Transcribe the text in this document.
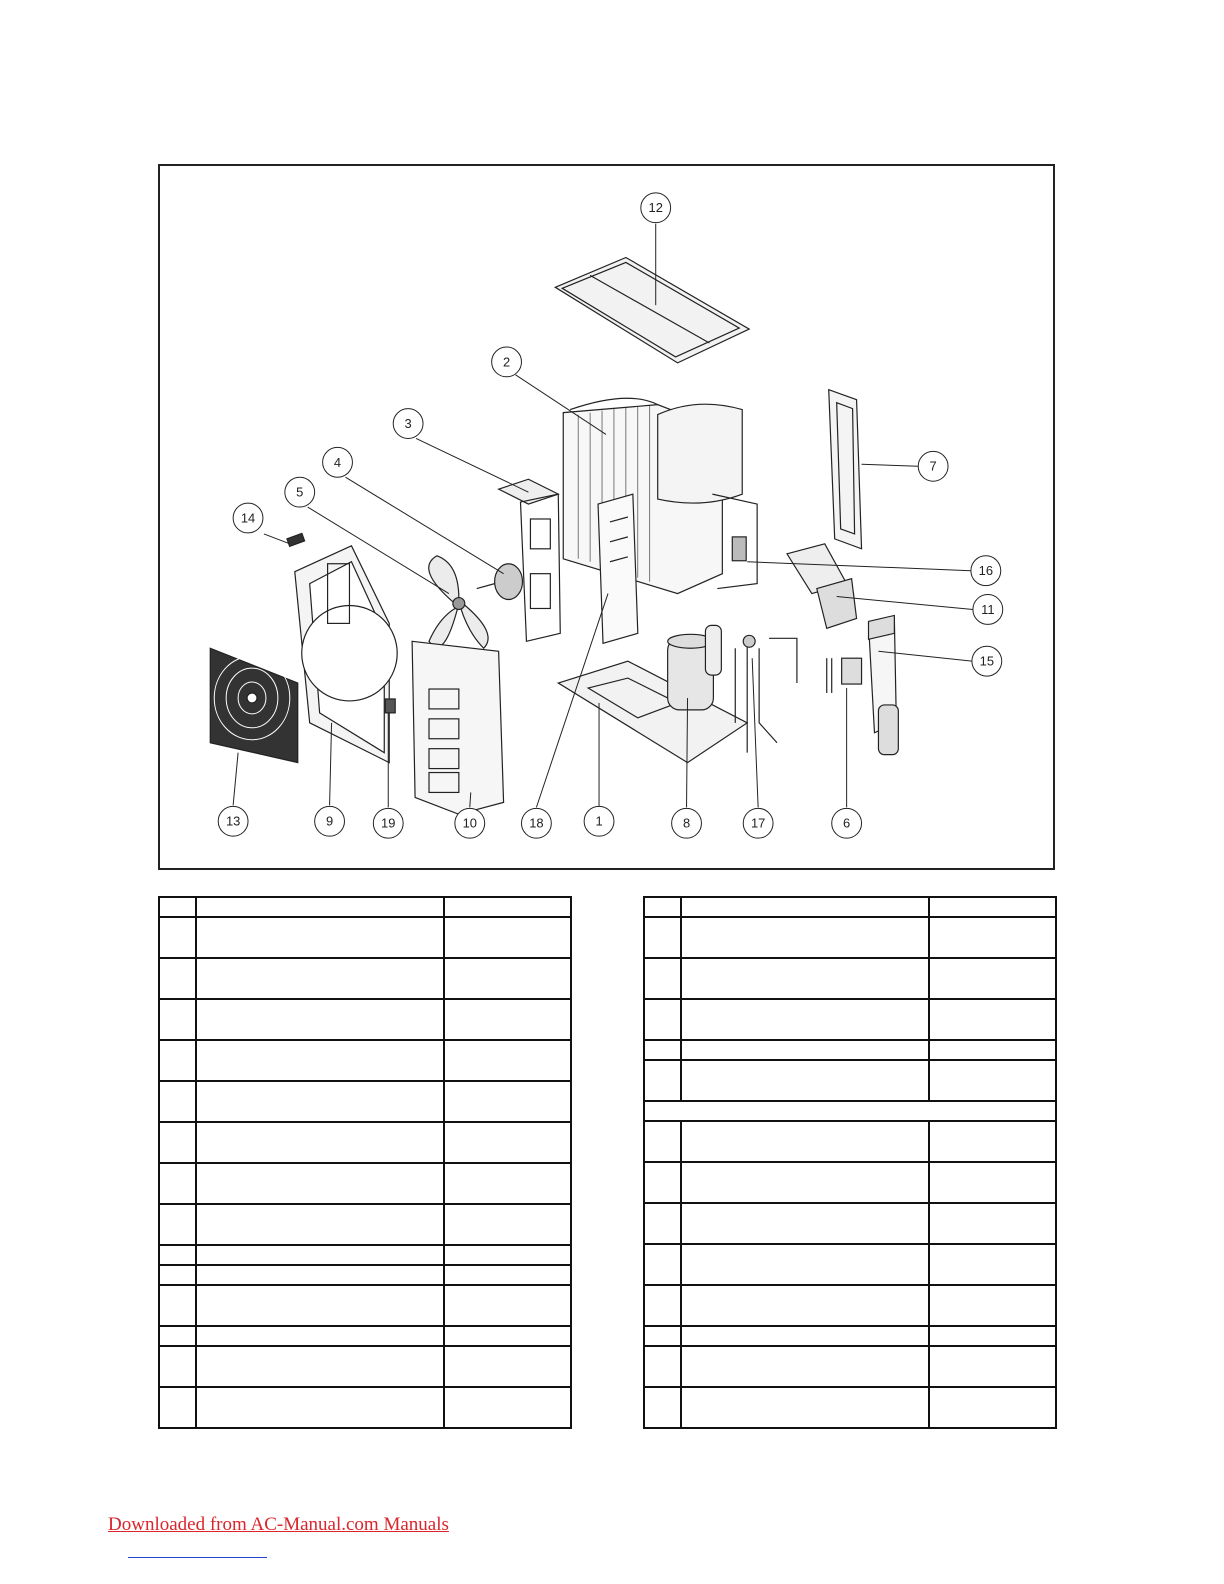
1
2
3
4
5
6
7
8
9	10
11
12
13
14
15
16
17
18
19

Downloaded from AC-Manual.com Manuals
